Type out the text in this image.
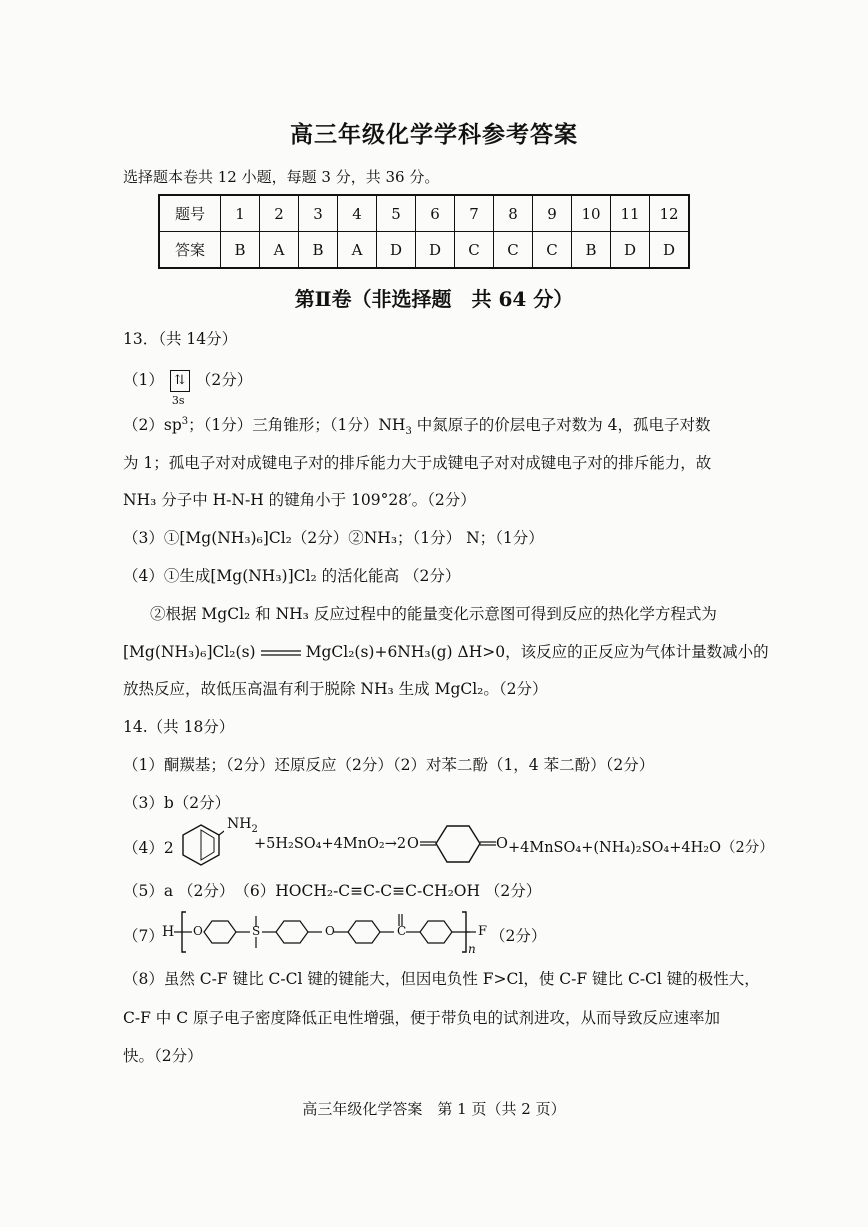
高三年级化学学科参考答案
选择题本卷共 12 小题，每题 3 分，共 36 分。
题号	1	2	3	4	5	6	7	8	9	10	11	12
答案	B	A	B	A	D	D	C	C	C	B	D	D
第Ⅱ卷（非选择题　共 64 分）
13．（共 14分）
（1） ⇅
3s
（2分）
$(2)sp^3$；（1分）三角锥形；（1分）$NH_3$ 中氮原子的价层电子对数为 4，孤电子对数
为 1；孤电子对对成键电子对的排斥能力大于成键电子对对成键电子对的排斥能力，故
NH₃ 分子中 H-N-H 的键角小于 109°28′。（2分）
（3）①[Mg(NH₃)₆]Cl₂（2分）②NH₃；（1分） N；（1分）
（4）①生成[Mg(NH₃)]Cl₂ 的活化能高 （2分）
②根据 MgCl₂ 和 NH₃ 反应过程中的能量变化示意图可得到反应的热化学方程式为
[Mg(NH₃)₆]Cl₂(s)	MgCl₂(s)+6NH₃(g) ΔH>0，该反应的正反应为气体计量数减小的
放热反应，故低压高温有利于脱除 NH₃ 生成 MgCl₂。（2分）
14.（共 18分）
（1）酮羰基；（2分）还原反应（2分）（2）对苯二酚（1，4 苯二酚）（2分）
（3）b（2分）
（4）2
$NH_2$
+5H₂SO₄+4MnO₂→2 O	O +4MnSO₄+(NH₄)₂SO₄+4H₂O（2分）
（5）a （2分）　（6）HOCH₂-C≡C-C≡C-CH₂OH （2分）
（7）
H O	S	O	C
n
F （2分）
（8）虽然 C-F 键比 C-Cl 键的键能大，但因电负性 F>Cl，使 C-F 键比 C-Cl 键的极性大，
C-F 中 C 原子电子密度降低正电性增强，便于带负电的试剂进攻，从而导致反应速率加
快。（2分）
高三年级化学答案　第 1 页（共 2 页）
